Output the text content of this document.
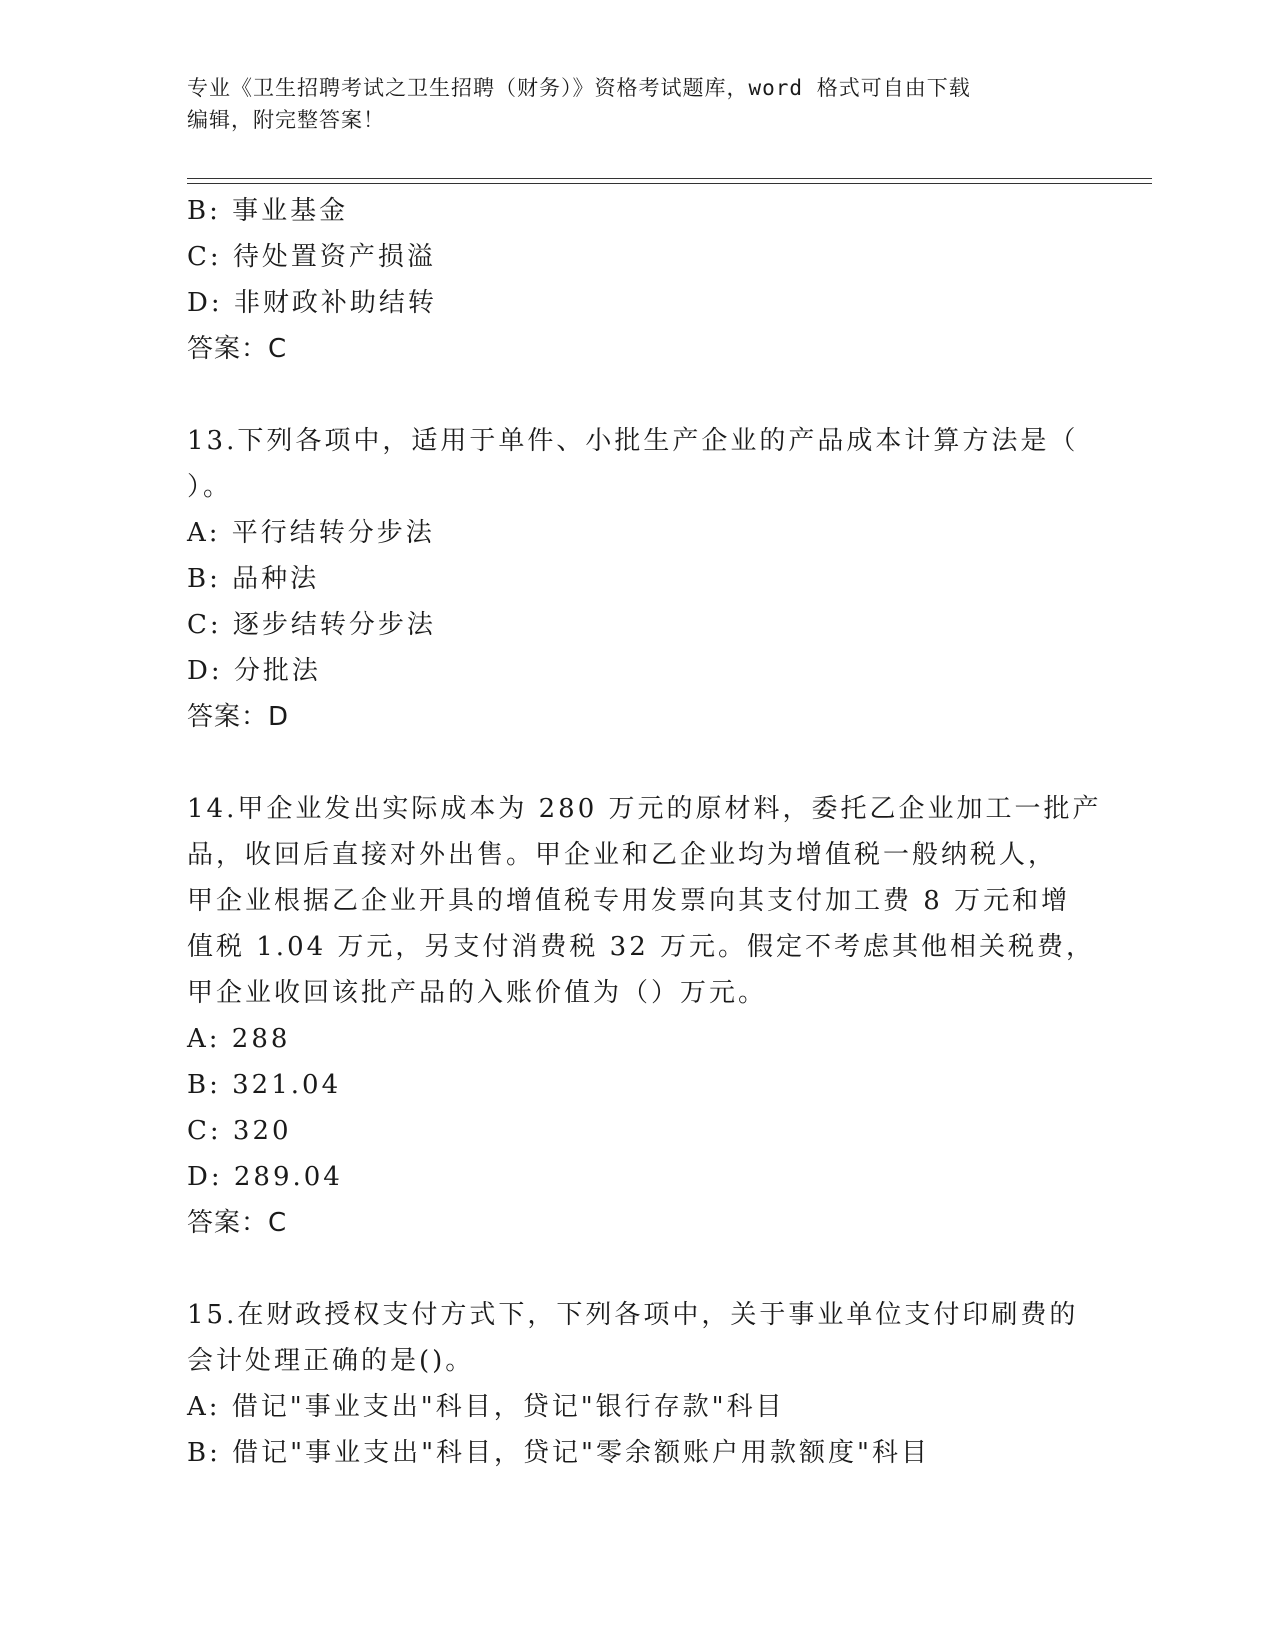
专业《卫生招聘考试之卫生招聘（财务）》资格考试题库，word 格式可自由下载
编辑，附完整答案！
B: 事业基金
C: 待处置资产损溢
D: 非财政补助结转
答案：C
13.下列各项中，适用于单件、小批生产企业的产品成本计算方法是（
）。
A: 平行结转分步法
B: 品种法
C: 逐步结转分步法
D: 分批法
答案：D
14.甲企业发出实际成本为 280 万元的原材料，委托乙企业加工一批产
品，收回后直接对外出售。甲企业和乙企业均为增值税一般纳税人，
甲企业根据乙企业开具的增值税专用发票向其支付加工费 8 万元和增
值税 1.04 万元，另支付消费税 32 万元。假定不考虑其他相关税费，
甲企业收回该批产品的入账价值为（）万元。
A: 288
B: 321.04
C: 320
D: 289.04
答案：C
15.在财政授权支付方式下，下列各项中，关于事业单位支付印刷费的
会计处理正确的是()。
A: 借记"事业支出"科目，贷记"银行存款"科目
B: 借记"事业支出"科目，贷记"零余额账户用款额度"科目
